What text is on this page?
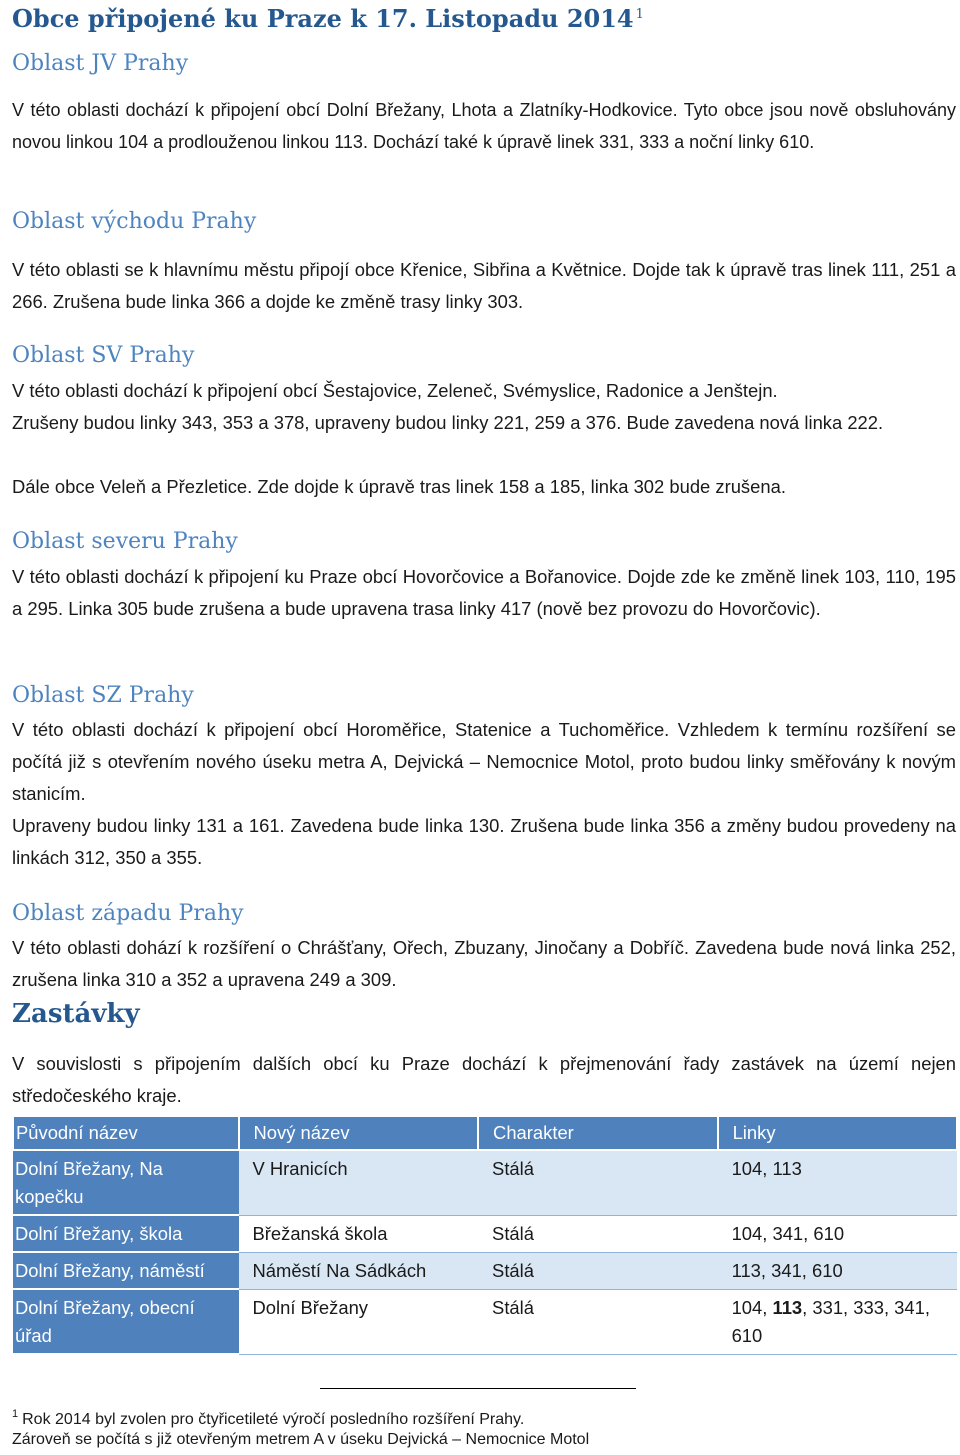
Obce připojené ku Praze k 17. Listopadu 2014 $^1$
Oblast JV Prahy

V této oblasti dochází k připojení obcí Dolní Břežany, Lhota a Zlatníky-Hodkovice. Tyto obce jsou nově obsluhovány novou linkou 104 a prodlouženou linkou 113. Dochází také k úpravě linek 331, 333 a noční linky 610.

Oblast východu Prahy

V této oblasti se k hlavnímu městu připojí obce Křenice, Sibřina a Květnice. Dojde tak k úpravě tras linek 111, 251 a 266. Zrušena bude linka 366 a dojde ke změně trasy linky 303.

Oblast SV Prahy

V této oblasti dochází k připojení obcí Šestajovice, Zeleneč, Svémyslice, Radonice a Jenštejn.

Zrušeny budou linky 343, 353 a 378, upraveny budou linky 221, 259 a 376. Bude zavedena nová linka 222.

Dále obce Veleň a Přezletice. Zde dojde k úpravě tras linek 158 a 185, linka 302 bude zrušena.

Oblast severu Prahy

V této oblasti dochází k připojení ku Praze obcí Hovorčovice a Bořanovice. Dojde zde ke změně linek 103, 110, 195 a 295. Linka 305 bude zrušena a bude upravena trasa linky 417 (nově bez provozu do Hovorčovic).

Oblast SZ Prahy

V této oblasti dochází k připojení obcí Horoměřice, Statenice a Tuchoměřice. Vzhledem k termínu rozšíření se počítá již s otevřením nového úseku metra A, Dejvická – Nemocnice Motol, proto budou linky směřovány k novým stanicím.

Upraveny budou linky 131 a 161. Zavedena bude linka 130. Zrušena bude linka 356 a změny budou provedeny na linkách 312, 350 a 355.

Oblast západu Prahy

V této oblasti dohází k rozšíření o Chrášťany, Ořech, Zbuzany, Jinočany a Dobříč. Zavedena bude nová linka 252, zrušena linka 310 a 352 a upravena 249 a 309.

Zastávky

V souvislosti s připojením dalších obcí ku Praze dochází k přejmenování řady zastávek na území nejen středočeského kraje.

Původní název	Nový název	Charakter	Linky
Dolní Břežany, Na kopečku	V Hranicích	Stálá	104, 113
Dolní Břežany, škola	Břežanská škola	Stálá	104, 341, 610
Dolní Břežany, náměstí	Náměstí Na Sádkách	Stálá	113, 341, 610
Dolní Břežany, obecní úřad	Dolní Břežany	Stálá	104, 113, 331, 333, 341, 610
$^1$ Rok 2014 byl zvolen pro čtyřicetileté výročí posledního rozšíření Prahy.
Zároveň se počítá s již otevřeným metrem A v úseku Dejvická – Nemocnice Motol
